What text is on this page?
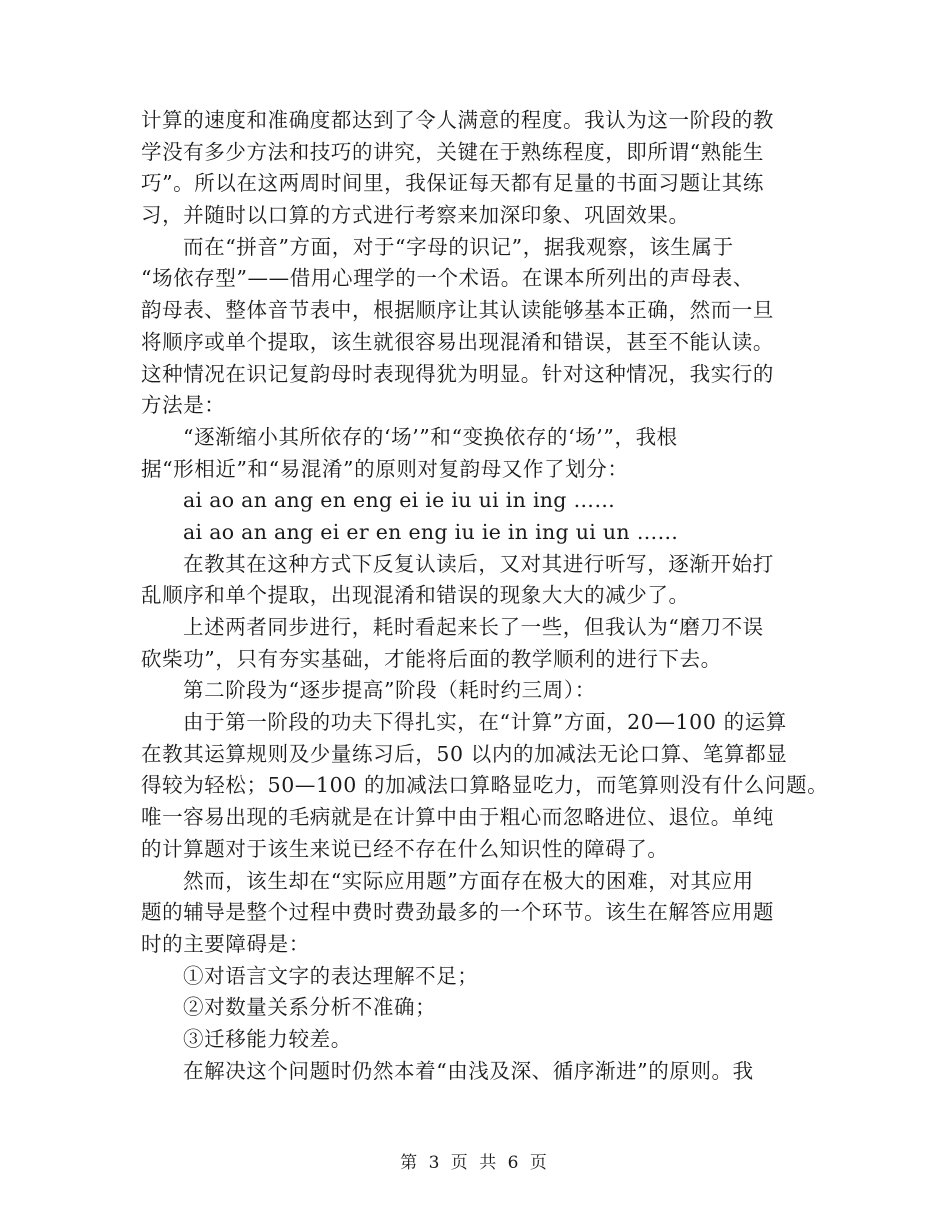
计算的速度和准确度都达到了令人满意的程度。我认为这一阶段的教
学没有多少方法和技巧的讲究，关键在于熟练程度，即所谓“熟能生
巧”。所以在这两周时间里，我保证每天都有足量的书面习题让其练
习，并随时以口算的方式进行考察来加深印象、巩固效果。
而在“拼音”方面，对于“字母的识记”，据我观察，该生属于
“场依存型”——借用心理学的一个术语。在课本所列出的声母表、
韵母表、整体音节表中，根据顺序让其认读能够基本正确，然而一旦
将顺序或单个提取，该生就很容易出现混淆和错误，甚至不能认读。
这种情况在识记复韵母时表现得犹为明显。针对这种情况，我实行的
方法是：
“逐渐缩小其所依存的‘场’”和“变换依存的‘场’”，我根
据“形相近”和“易混淆”的原则对复韵母又作了划分：
ai ao an ang en eng ei ie iu ui in ing ……
ai ao an ang ei er en eng iu ie in ing ui un ……
在教其在这种方式下反复认读后，又对其进行听写，逐渐开始打
乱顺序和单个提取，出现混淆和错误的现象大大的减少了。
上述两者同步进行，耗时看起来长了一些，但我认为“磨刀不误
砍柴功”，只有夯实基础，才能将后面的教学顺利的进行下去。
第二阶段为“逐步提高”阶段（耗时约三周）：
由于第一阶段的功夫下得扎实，在“计算”方面，20—100 的运算
在教其运算规则及少量练习后，50 以内的加减法无论口算、笔算都显
得较为轻松；50—100 的加减法口算略显吃力，而笔算则没有什么问题。
唯一容易出现的毛病就是在计算中由于粗心而忽略进位、退位。单纯
的计算题对于该生来说已经不存在什么知识性的障碍了。
然而，该生却在“实际应用题”方面存在极大的困难，对其应用
题的辅导是整个过程中费时费劲最多的一个环节。该生在解答应用题
时的主要障碍是：
①对语言文字的表达理解不足；
②对数量关系分析不准确；
③迁移能力较差。
在解决这个问题时仍然本着“由浅及深、循序渐进”的原则。我
第 3 页 共 6 页
